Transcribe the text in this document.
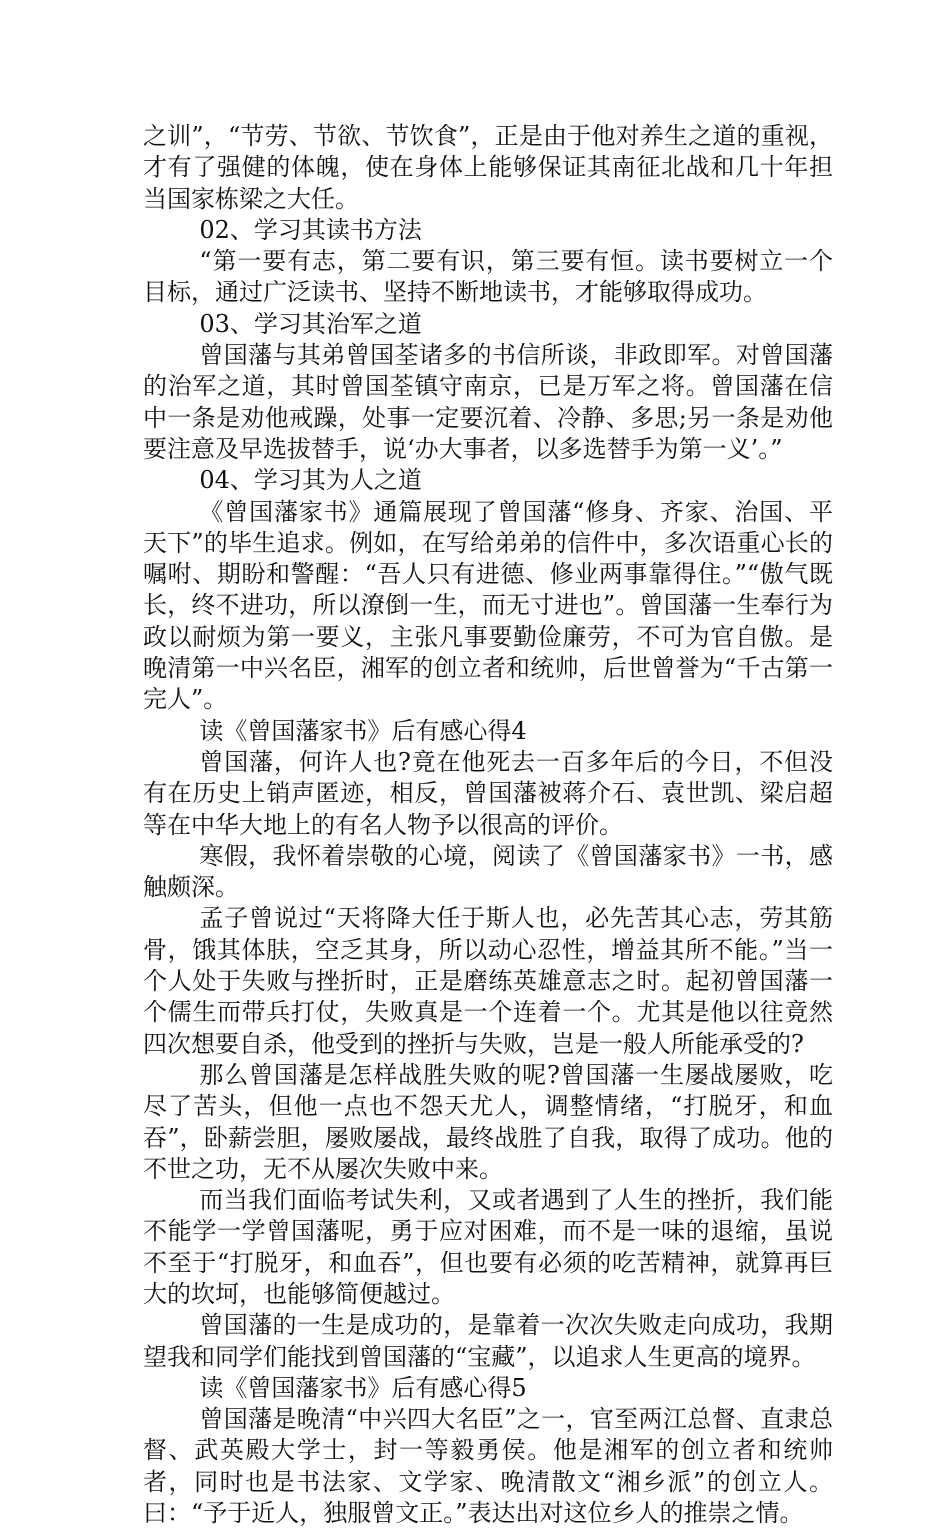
之训”，“节劳、节欲、节饮食”，正是由于他对养生之道的重视，才有了强健的体魄，使在身体上能够保证其南征北战和几十年担当国家栋梁之大任。

02、学习其读书方法

“第一要有志，第二要有识，第三要有恒。读书要树立一个目标，通过广泛读书、坚持不断地读书，才能够取得成功。

03、学习其治军之道

曾国藩与其弟曾国荃诸多的书信所谈，非政即军。对曾国藩的治军之道，其时曾国荃镇守南京，已是万军之将。曾国藩在信中一条是劝他戒躁，处事一定要沉着、冷静、多思;另一条是劝他要注意及早选拔替手，说‘办大事者，以多选替手为第一义’。”

04、学习其为人之道

《曾国藩家书》通篇展现了曾国藩“修身、齐家、治国、平天下”的毕生追求。例如，在写给弟弟的信件中，多次语重心长的嘱咐、期盼和警醒：“吾人只有进德、修业两事靠得住。”“傲气既长，终不进功，所以潦倒一生，而无寸进也”。曾国藩一生奉行为政以耐烦为第一要义，主张凡事要勤俭廉劳，不可为官自傲。是晚清第一中兴名臣，湘军的创立者和统帅，后世曾誉为“千古第一完人”。

读《曾国藩家书》后有感心得4

曾国藩，何许人也?竟在他死去一百多年后的今日，不但没有在历史上销声匿迹，相反，曾国藩被蒋介石、袁世凯、梁启超等在中华大地上的有名人物予以很高的评价。

寒假，我怀着崇敬的心境，阅读了《曾国藩家书》一书，感触颇深。

孟子曾说过“天将降大任于斯人也，必先苦其心志，劳其筋骨，饿其体肤，空乏其身，所以动心忍性，增益其所不能。”当一个人处于失败与挫折时，正是磨练英雄意志之时。起初曾国藩一个儒生而带兵打仗，失败真是一个连着一个。尤其是他以往竟然四次想要自杀，他受到的挫折与失败，岂是一般人所能承受的?

那么曾国藩是怎样战胜失败的呢?曾国藩一生屡战屡败，吃尽了苦头，但他一点也不怨天尤人，调整情绪，“打脱牙，和血吞”，卧薪尝胆，屡败屡战，最终战胜了自我，取得了成功。他的不世之功，无不从屡次失败中来。

而当我们面临考试失利，又或者遇到了人生的挫折，我们能不能学一学曾国藩呢，勇于应对困难，而不是一味的退缩，虽说不至于“打脱牙，和血吞”，但也要有必须的吃苦精神，就算再巨大的坎坷，也能够简便越过。

曾国藩的一生是成功的，是靠着一次次失败走向成功，我期望我和同学们能找到曾国藩的“宝藏”，以追求人生更高的境界。

读《曾国藩家书》后有感心得5

曾国藩是晚清“中兴四大名臣”之一，官至两江总督、直隶总督、武英殿大学士，封一等毅勇侯。他是湘军的创立者和统帅者，同时也是书法家、文学家、晚清散文“湘乡派”的创立人。曰：“予于近人，独服曾文正。”表达出对这位乡人的推崇之情。
